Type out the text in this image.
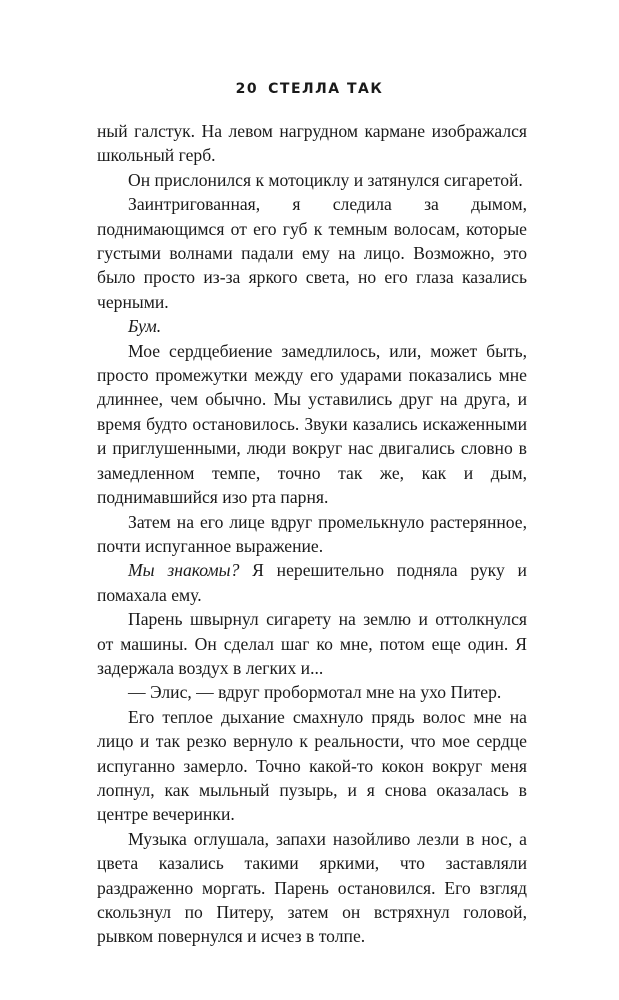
20 СТЕЛЛА ТАК

ный галстук. На левом нагрудном кармане изображался школьный герб.

Он прислонился к мотоциклу и затянулся сигаретой.

Заинтригованная, я следила за дымом, поднимающимся от его губ к темным волосам, которые густыми волнами падали ему на лицо. Возможно, это было просто из-за яркого света, но его глаза казались черными.

Бум.

Мое сердцебиение замедлилось, или, может быть, просто промежутки между его ударами показались мне длиннее, чем обычно. Мы уставились друг на друга, и время будто остановилось. Звуки казались искаженными и приглушенными, люди вокруг нас двигались словно в замедленном темпе, точно так же, как и дым, поднимавшийся изо рта парня.

Затем на его лице вдруг промелькнуло растерянное, почти испуганное выражение.

Мы знакомы? Я нерешительно подняла руку и помахала ему.

Парень швырнул сигарету на землю и оттолкнулся от машины. Он сделал шаг ко мне, потом еще один. Я задержала воздух в легких и...

— Элис, — вдруг пробормотал мне на ухо Питер.

Его теплое дыхание смахнуло прядь волос мне на лицо и так резко вернуло к реальности, что мое сердце испуганно замерло. Точно какой-то кокон вокруг меня лопнул, как мыльный пузырь, и я снова оказалась в центре вечеринки.

Музыка оглушала, запахи назойливо лезли в нос, а цвета казались такими яркими, что заставляли раздраженно моргать. Парень остановился. Его взгляд скользнул по Питеру, затем он встряхнул головой, рывком повернулся и исчез в толпе.
